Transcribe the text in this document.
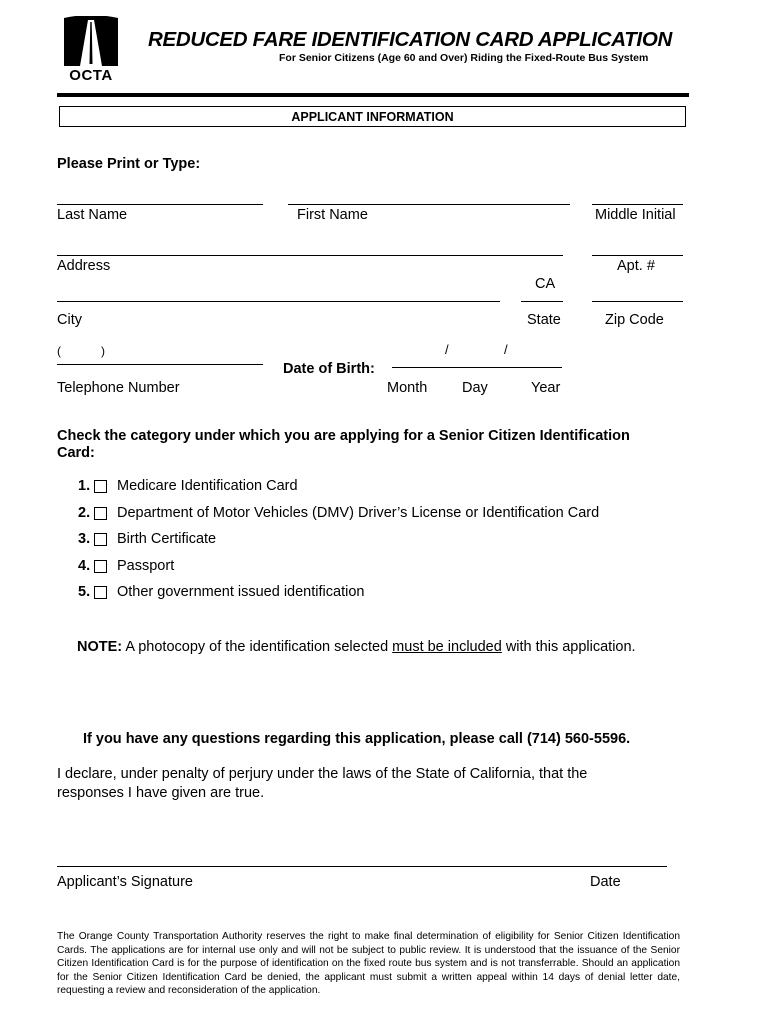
OCTA
REDUCED FARE IDENTIFICATION CARD APPLICATION
For Senior Citizens (Age 60 and Over) Riding the Fixed-Route Bus System
APPLICANT INFORMATION
Please Print or Type:
Last Name	First Name	Middle Initial
Address	Apt. #
CA
City	State	Zip Code
(	)
Telephone Number
Date of Birth:
/	/
Month Day	Year
Check the category under which you are applying for a Senior Citizen Identification
Card:
1. Medicare Identification Card
2. Department of Motor Vehicles (DMV) Driver’s License or Identification Card
3. Birth Certificate
4. Passport
5. Other government issued identification
NOTE: A photocopy of the identification selected must be included with this application.
If you have any questions regarding this application, please call (714) 560-5596.
I declare, under penalty of perjury under the laws of the State of California, that the
responses I have given are true.
Applicant’s Signature	Date
The Orange County Transportation Authority reserves the right to make final determination of eligibility for Senior Citizen Identification Cards. The applications are for internal use only and will not be subject to public review. It is understood that the issuance of the Senior Citizen Identification Card is for the purpose of identification on the fixed route bus system and is not transferrable. Should an application for the Senior Citizen Identification Card be denied, the applicant must submit a written appeal within 14 days of denial letter date, requesting a review and reconsideration of the application.
